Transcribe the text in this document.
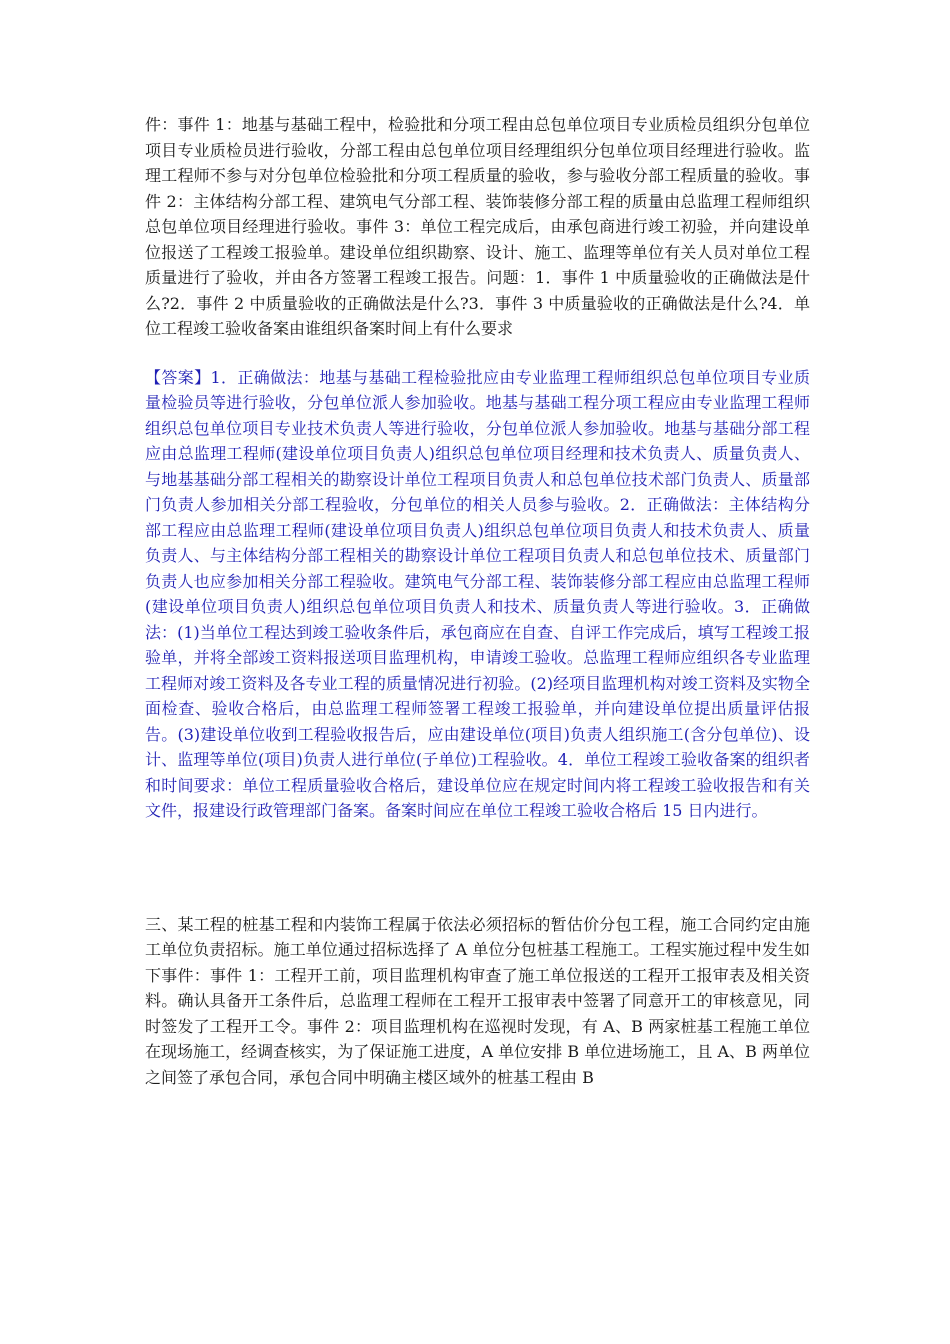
件：事件 1：地基与基础工程中，检验批和分项工程由总包单位项目专业质检员组织分包单位项目专业质检员进行验收，分部工程由总包单位项目经理组织分包单位项目经理进行验收。监理工程师不参与对分包单位检验批和分项工程质量的验收，参与验收分部工程质量的验收。事件 2：主体结构分部工程、建筑电气分部工程、装饰装修分部工程的质量由总监理工程师组织总包单位项目经理进行验收。事件 3：单位工程完成后，由承包商进行竣工初验，并向建设单位报送了工程竣工报验单。建设单位组织勘察、设计、施工、监理等单位有关人员对单位工程质量进行了验收，并由各方签署工程竣工报告。问题：1．事件 1 中质量验收的正确做法是什么?2．事件 2 中质量验收的正确做法是什么?3．事件 3 中质量验收的正确做法是什么?4．单位工程竣工验收备案由谁组织备案时间上有什么要求

【答案】1．正确做法：地基与基础工程检验批应由专业监理工程师组织总包单位项目专业质量检验员等进行验收，分包单位派人参加验收。地基与基础工程分项工程应由专业监理工程师组织总包单位项目专业技术负责人等进行验收，分包单位派人参加验收。地基与基础分部工程应由总监理工程师(建设单位项目负责人)组织总包单位项目经理和技术负责人、质量负责人、与地基基础分部工程相关的勘察设计单位工程项目负责人和总包单位技术部门负责人、质量部门负责人参加相关分部工程验收，分包单位的相关人员参与验收。2．正确做法：主体结构分部工程应由总监理工程师(建设单位项目负责人)组织总包单位项目负责人和技术负责人、质量负责人、与主体结构分部工程相关的勘察设计单位工程项目负责人和总包单位技术、质量部门负责人也应参加相关分部工程验收。建筑电气分部工程、装饰装修分部工程应由总监理工程师(建设单位项目负责人)组织总包单位项目负责人和技术、质量负责人等进行验收。3．正确做法：(1)当单位工程达到竣工验收条件后，承包商应在自查、自评工作完成后，填写工程竣工报验单，并将全部竣工资料报送项目监理机构，申请竣工验收。总监理工程师应组织各专业监理工程师对竣工资料及各专业工程的质量情况进行初验。(2)经项目监理机构对竣工资料及实物全面检查、验收合格后，由总监理工程师签署工程竣工报验单，并向建设单位提出质量评估报告。(3)建设单位收到工程验收报告后，应由建设单位(项目)负责人组织施工(含分包单位)、设计、监理等单位(项目)负责人进行单位(子单位)工程验收。4．单位工程竣工验收备案的组织者和时间要求：单位工程质量验收合格后，建设单位应在规定时间内将工程竣工验收报告和有关文件，报建设行政管理部门备案。备案时间应在单位工程竣工验收合格后 15 日内进行。

三、某工程的桩基工程和内装饰工程属于依法必须招标的暂估价分包工程，施工合同约定由施工单位负责招标。施工单位通过招标选择了 A 单位分包桩基工程施工。工程实施过程中发生如下事件：事件 1：工程开工前，项目监理机构审查了施工单位报送的工程开工报审表及相关资料。确认具备开工条件后，总监理工程师在工程开工报审表中签署了同意开工的审核意见，同时签发了工程开工令。事件 2：项目监理机构在巡视时发现，有 A、B 两家桩基工程施工单位在现场施工，经调查核实，为了保证施工进度，A 单位安排 B 单位进场施工，且 A、B 两单位之间签了承包合同，承包合同中明确主楼区域外的桩基工程由 B
